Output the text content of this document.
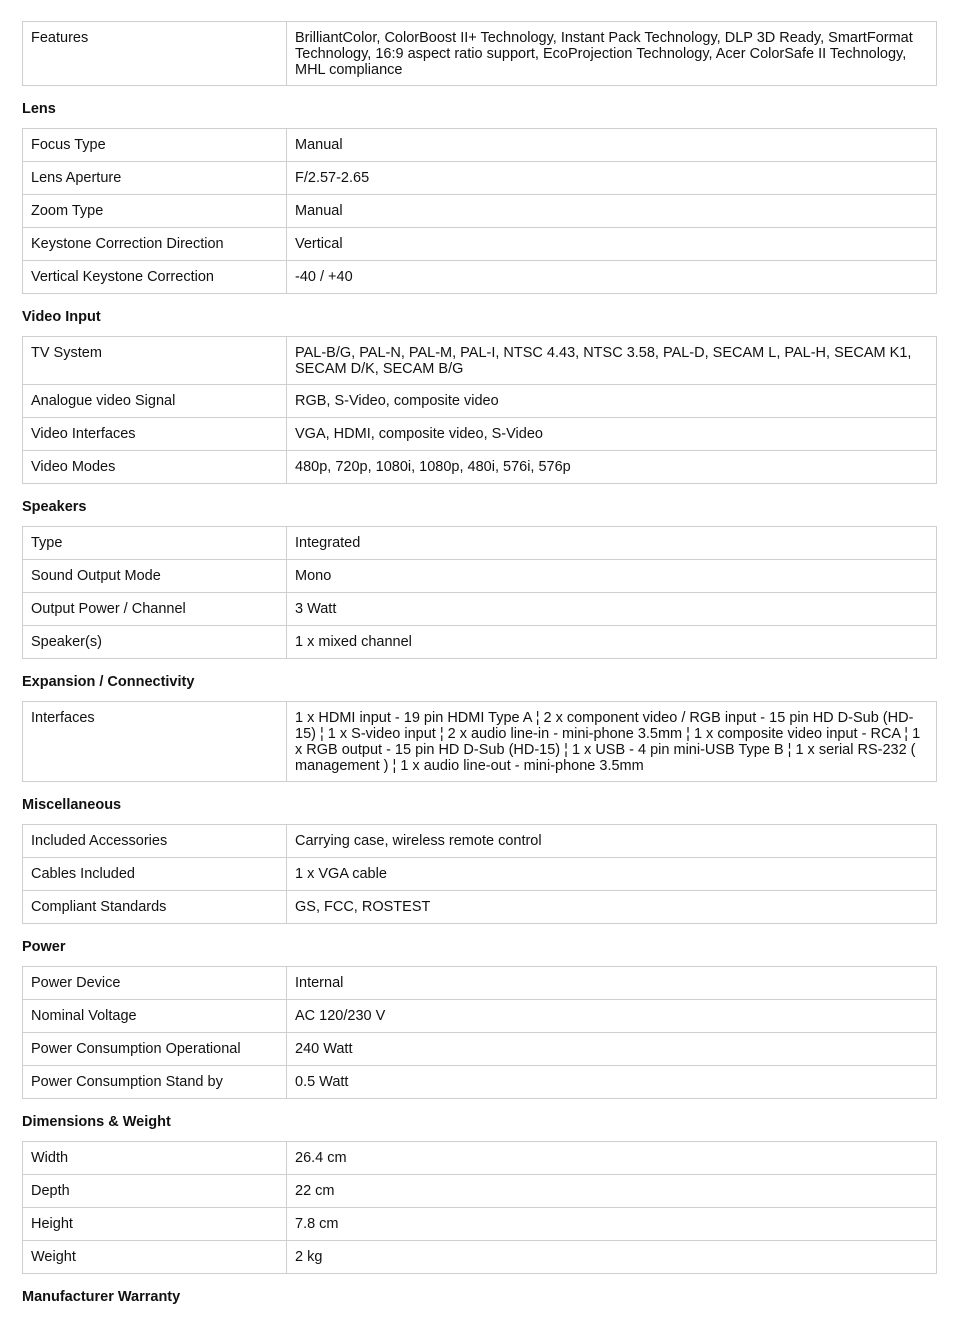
Features	BrilliantColor, ColorBoost II+ Technology, Instant Pack Technology, DLP 3D Ready, SmartFormat Technology, 16:9 aspect ratio support, EcoProjection Technology, Acer ColorSafe II Technology, MHL compliance
Lens
Focus Type	Manual
Lens Aperture	F/2.57-2.65
Zoom Type	Manual
Keystone Correction Direction	Vertical
Vertical Keystone Correction	-40 / +40
Video Input
TV System	PAL-B/G, PAL-N, PAL-M, PAL-I, NTSC 4.43, NTSC 3.58, PAL-D, SECAM L, PAL-H, SECAM K1, SECAM D/K, SECAM B/G
Analogue video Signal	RGB, S-Video, composite video
Video Interfaces	VGA, HDMI, composite video, S-Video
Video Modes	480p, 720p, 1080i, 1080p, 480i, 576i, 576p
Speakers
Type	Integrated
Sound Output Mode	Mono
Output Power / Channel	3 Watt
Speaker(s)	1 x mixed channel
Expansion / Connectivity
Interfaces	1 x HDMI input - 19 pin HDMI Type A ¦ 2 x component video / RGB input - 15 pin HD D-Sub (HD-15) ¦ 1 x S-video input ¦ 2 x audio line-in - mini-phone 3.5mm ¦ 1 x composite video input - RCA ¦ 1 x RGB output - 15 pin HD D-Sub (HD-15) ¦ 1 x USB - 4 pin mini-USB Type B ¦ 1 x serial RS-232 ( management ) ¦ 1 x audio line-out - mini-phone 3.5mm
Miscellaneous
Included Accessories	Carrying case, wireless remote control
Cables Included	1 x VGA cable
Compliant Standards	GS, FCC, ROSTEST
Power
Power Device	Internal
Nominal Voltage	AC 120/230 V
Power Consumption Operational	240 Watt
Power Consumption Stand by	0.5 Watt
Dimensions & Weight
Width	26.4 cm
Depth	22 cm
Height	7.8 cm
Weight	2 kg
Manufacturer Warranty
